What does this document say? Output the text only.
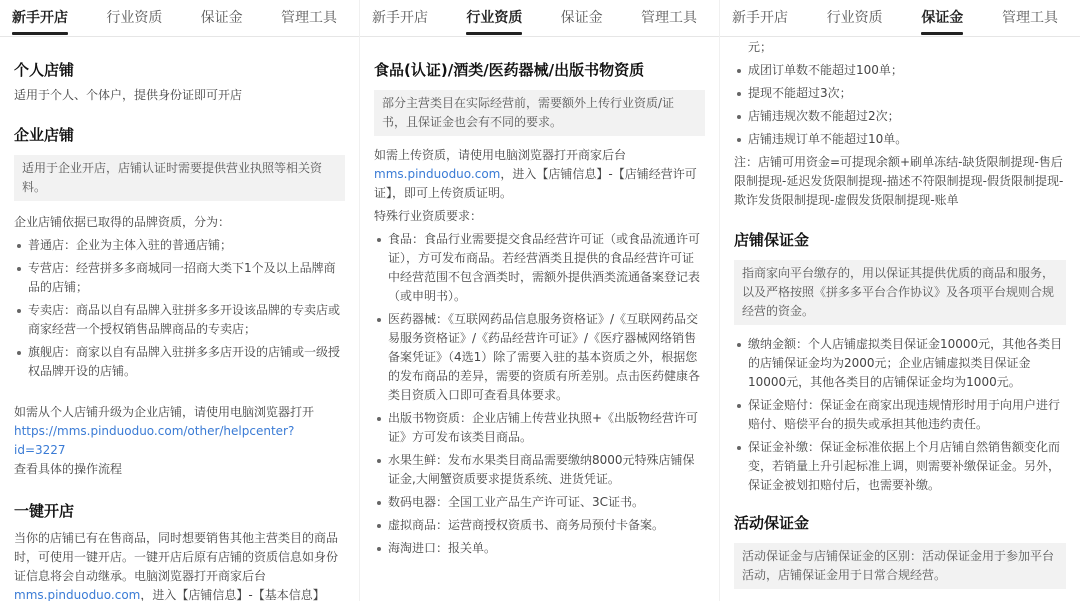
新手开店	行业资质	保证金	管理工具
个人店铺

适用于个人、个体户，提供身份证即可开店

企业店铺
适用于企业开店，店铺认证时需要提供营业执照等相关资料。

企业店铺依据已取得的品牌资质，分为：

普通店：企业为主体入驻的普通店铺；
专营店：经营拼多多商城同一招商大类下1个及以上品牌商品的店铺；
专卖店：商品以自有品牌入驻拼多多开设该品牌的专卖店或商家经营一个授权销售品牌商品的专卖店；
旗舰店：商家以自有品牌入驻拼多多店开设的店铺或一级授权品牌开设的店铺。

如需从个人店铺升级为企业店铺，请使用电脑浏览器打开
https://mms.pinduoduo.com/other/helpcenter?id=3227
查看具体的操作流程

一键开店

当你的店铺已有在售商品，同时想要销售其他主营类目的商品时，可使用一键开店。一键开店后原有店铺的资质信息如身份证信息将会自动继承。电脑浏览器打开商家后台
mms.pinduoduo.com，进入【店铺信息】-【基本信息】

新手开店	行业资质	保证金	管理工具
食品(认证)/酒类/医药器械/出版书物资质
部分主营类目在实际经营前，需要额外上传行业资质/证书，且保证金也会有不同的要求。

如需上传资质，请使用电脑浏览器打开商家后台
mms.pinduoduo.com，进入【店铺信息】-【店铺经营许可证】，即可上传资质证明。

特殊行业资质要求：

食品：食品行业需要提交食品经营许可证（或食品流通许可证），方可发布商品。若经营酒类且提供的食品经营许可证中经营范围不包含酒类时，需额外提供酒类流通备案登记表（或申明书）。
医药器械：《互联网药品信息服务资格证》/《互联网药品交易服务资格证》/《药品经营许可证》/《医疗器械网络销售备案凭证》（4选1）除了需要入驻的基本资质之外，根据您的发布商品的差异，需要的资质有所差别。点击医药健康各类目资质入口即可查看具体要求。
出版书物资质：企业店铺上传营业执照+《出版物经营许可证》方可发布该类目商品。
水果生鲜：发布水果类目商品需要缴纳8000元特殊店铺保证金,大闸蟹资质要求提货系统、进货凭证。
数码电器：全国工业产品生产许可证、3C证书。
虚拟商品：运营商授权资质书、商务局预付卡备案。
海淘进口：报关单。
新手开店	行业资质	保证金	管理工具
元；
成团订单数不能超过100单；
提现不能超过3次；
店铺违规次数不能超过2次；
店铺违规订单不能超过10单。

注：店铺可用资金=可提现余额+刷单冻结-缺货限制提现-售后限制提现-延迟发货限制提现-描述不符限制提现-假货限制提现-欺诈发货限制提现-虚假发货限制提现-账单

店铺保证金
指商家向平台缴存的，用以保证其提供优质的商品和服务，以及严格按照《拼多多平台合作协议》及各项平台规则合规经营的资金。
缴纳金额：个人店铺虚拟类目保证金10000元，其他各类目的店铺保证金均为2000元；企业店铺虚拟类目保证金10000元，其他各类目的店铺保证金均为1000元。
保证金赔付：保证金在商家出现违规情形时用于向用户进行赔付、赔偿平台的损失或承担其他违约责任。
保证金补缴：保证金标准依据上个月店铺自然销售额变化而变，若销量上升引起标准上调，则需要补缴保证金。另外，保证金被划扣赔付后，也需要补缴。
活动保证金
活动保证金与店铺保证金的区别：活动保证金用于参加平台活动，店铺保证金用于日常合规经营。
